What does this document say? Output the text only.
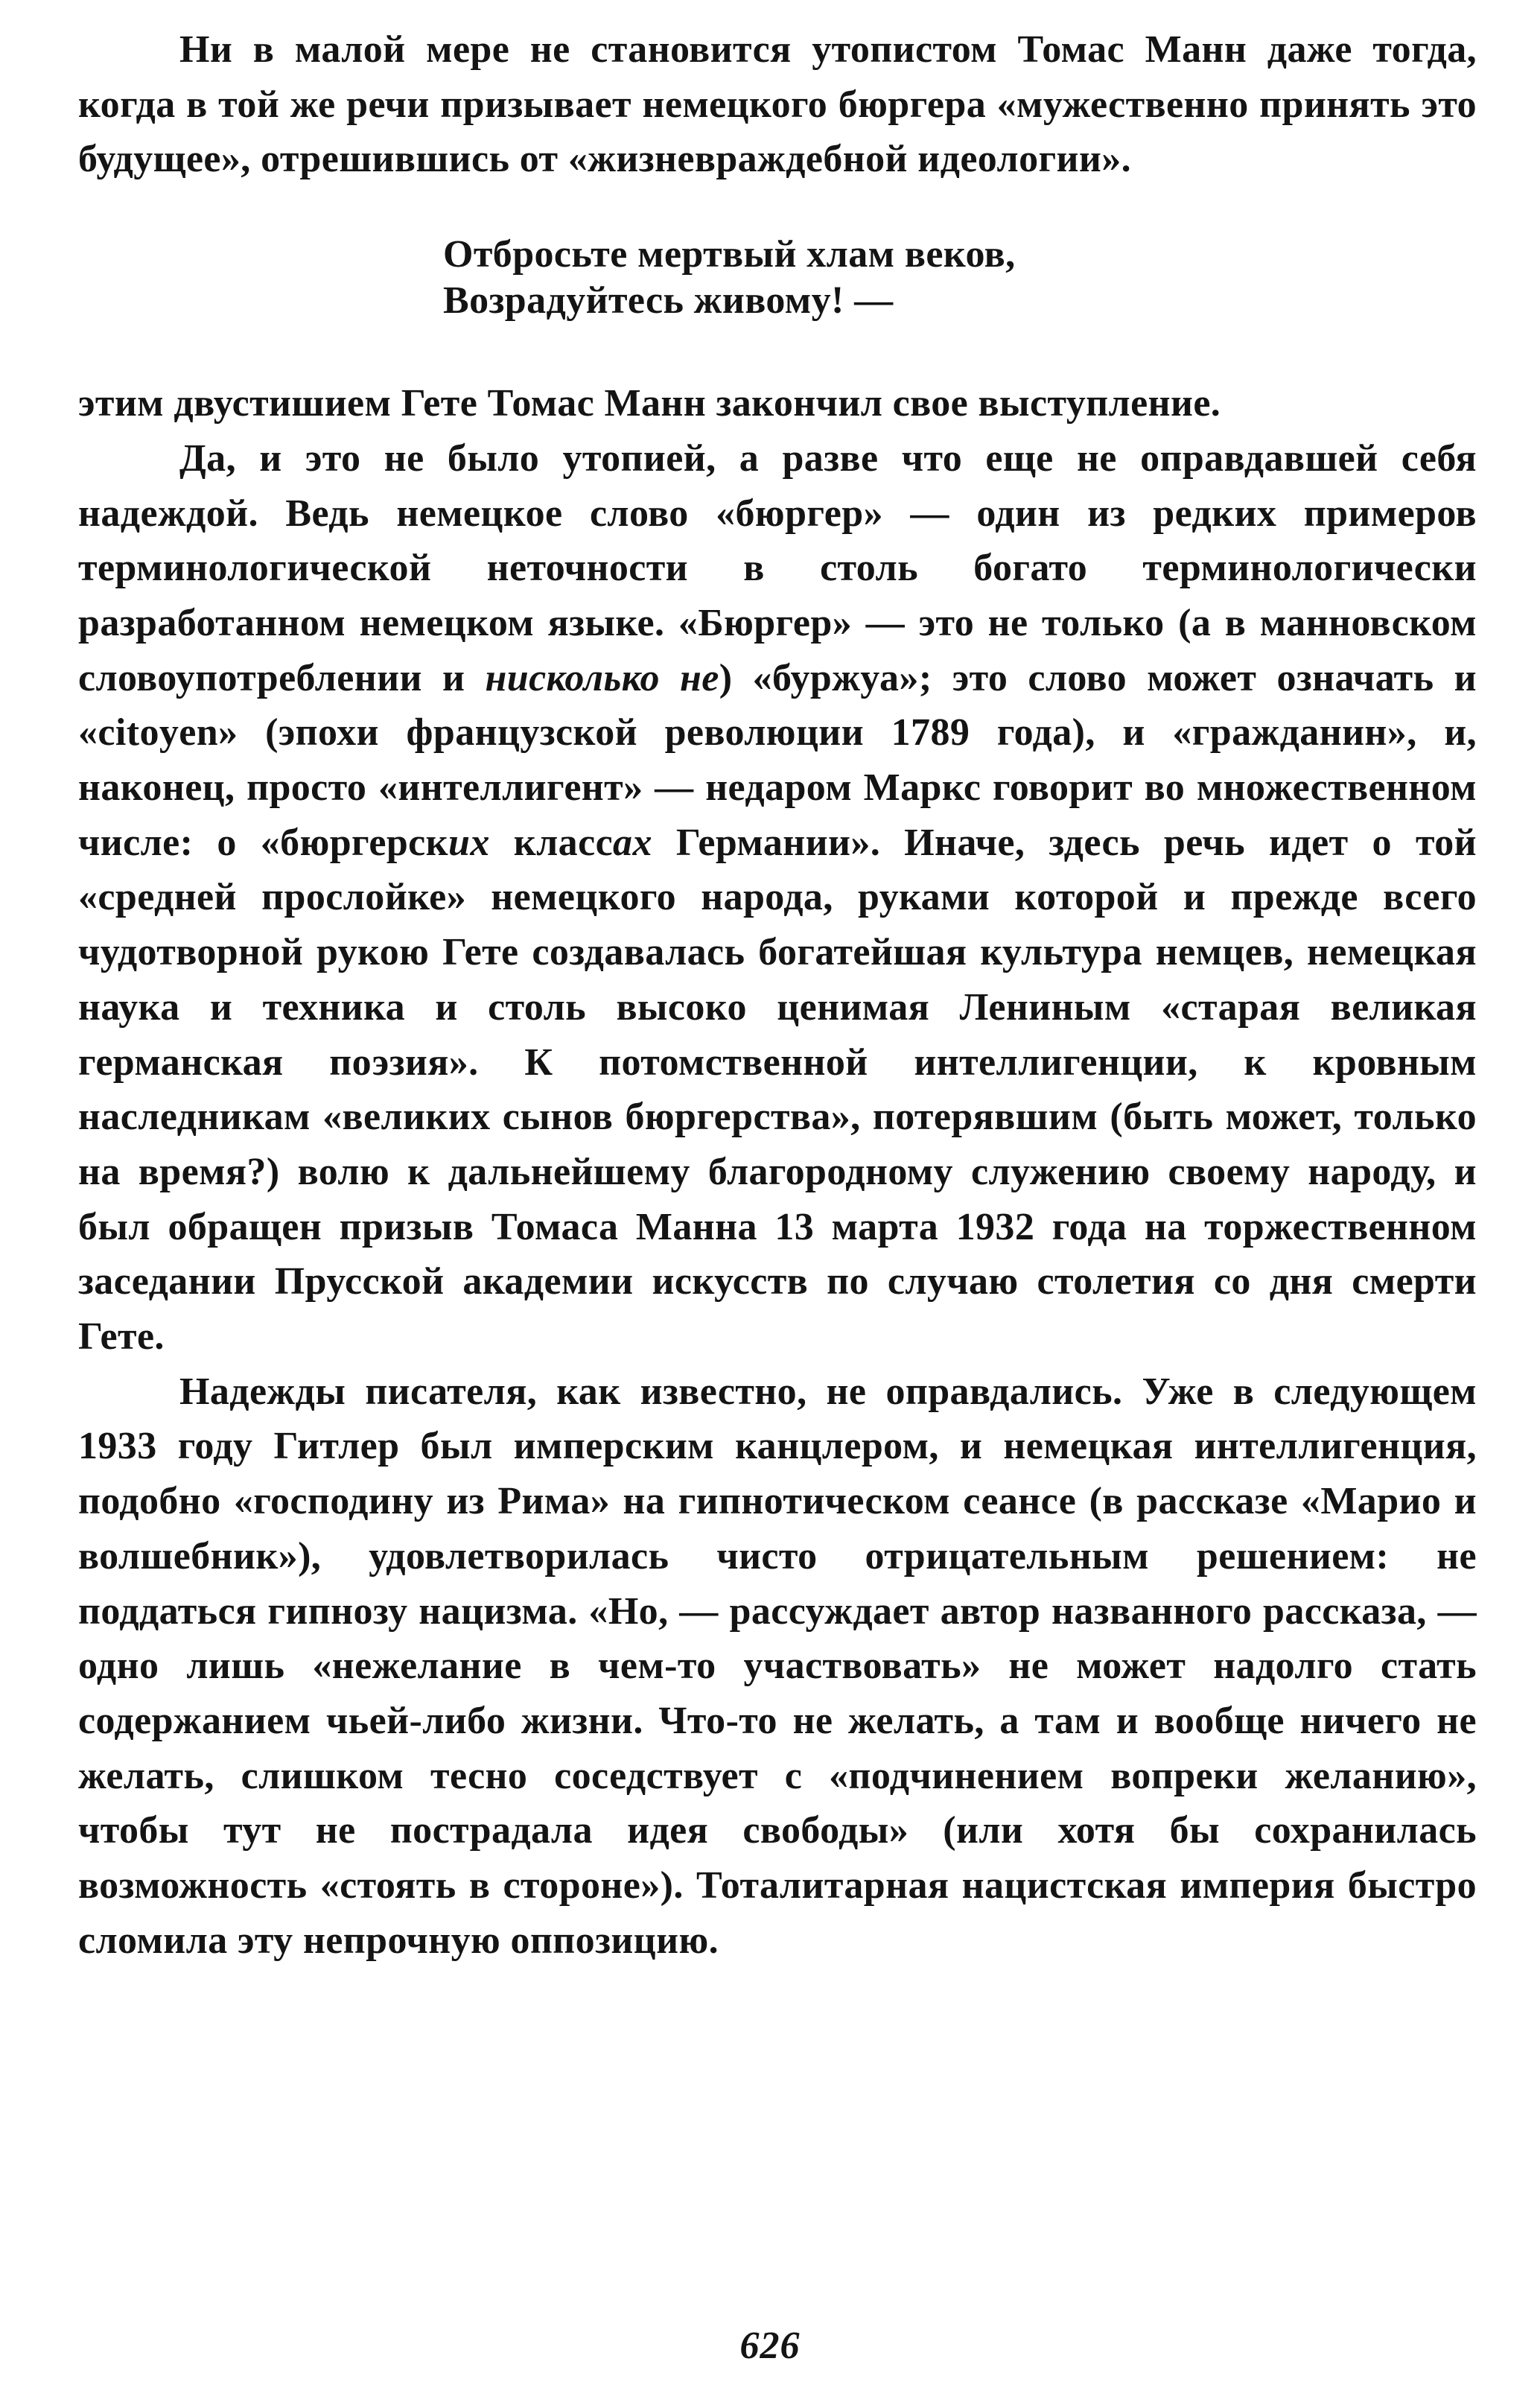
Ни в малой мере не становится утопистом Томас Манн даже тогда, когда в той же речи призывает немецкого бюргера «мужественно принять это будущее», отрешившись от «жизневраждебной идеологии».

Отбросьте мертвый хлам веков,
Возрадуйтесь живому! —

этим двустишием Гете Томас Манн закончил свое выступление.

Да, и это не было утопией, а разве что еще не оправдавшей себя надеждой. Ведь немецкое слово «бюргер» — один из редких примеров терминологической неточности в столь богато терминологически разработанном немецком языке. «Бюргер» — это не только (а в манновском словоупотреблении и нисколько не) «буржуа»; это слово может означать и «citoyen» (эпохи французской революции 1789 года), и «гражданин», и, наконец, просто «интеллигент» — недаром Маркс говорит во множественном числе: о «бюргерских классах Германии». Иначе, здесь речь идет о той «средней прослойке» немецкого народа, руками которой и прежде всего чудотворной рукою Гете создавалась богатейшая культура немцев, немецкая наука и техника и столь высоко ценимая Лениным «старая великая германская поэзия». К потомственной интеллигенции, к кровным наследникам «великих сынов бюргерства», потерявшим (быть может, только на время?) волю к дальнейшему благородному служению своему народу, и был обращен призыв Томаса Манна 13 марта 1932 года на торжественном заседании Прусской академии искусств по случаю столетия со дня смерти Гете.

Надежды писателя, как известно, не оправдались. Уже в следующем 1933 году Гитлер был имперским канцлером, и немецкая интеллигенция, подобно «господину из Рима» на гипнотическом сеансе (в рассказе «Марио и волшебник»), удовлетворилась чисто отрицательным решением: не поддаться гипнозу нацизма. «Но, — рассуждает автор названного рассказа, — одно лишь «нежелание в чем-то участвовать» не может надолго стать содержанием чьей-либо жизни. Что-то не желать, а там и вообще ничего не желать, слишком тесно соседствует с «подчинением вопреки желанию», чтобы тут не пострадала идея свободы» (или хотя бы сохранилась возможность «стоять в стороне»). Тоталитарная нацистская империя быстро сломила эту непрочную оппозицию.

626
